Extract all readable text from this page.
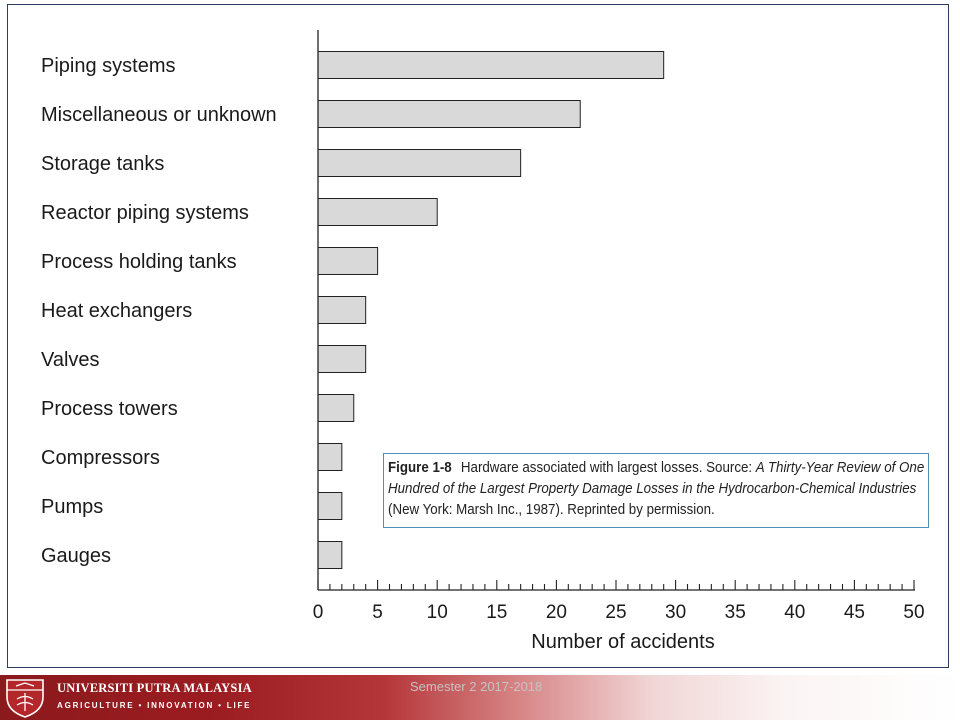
Piping systems
Miscellaneous or unknown
Storage tanks
Reactor piping systems
Process holding tanks
Heat exchangers
Valves
Process towers
Compressors
Pumps
Gauges
0	5 10 15 20 25 30 35 40 45 50
Number of accidents
Figure 1-8 Hardware associated with largest losses. Source: A Thirty-Year Review of One
Hundred of the Largest Property Damage Losses in the Hydrocarbon-Chemical Industries
(New York: Marsh Inc., 1987). Reprinted by permission.
UNIVERSITI PUTRA MALAYSIA
AGRICULTURE • INNOVATION • LIFE
Semester 2 2017-2018
